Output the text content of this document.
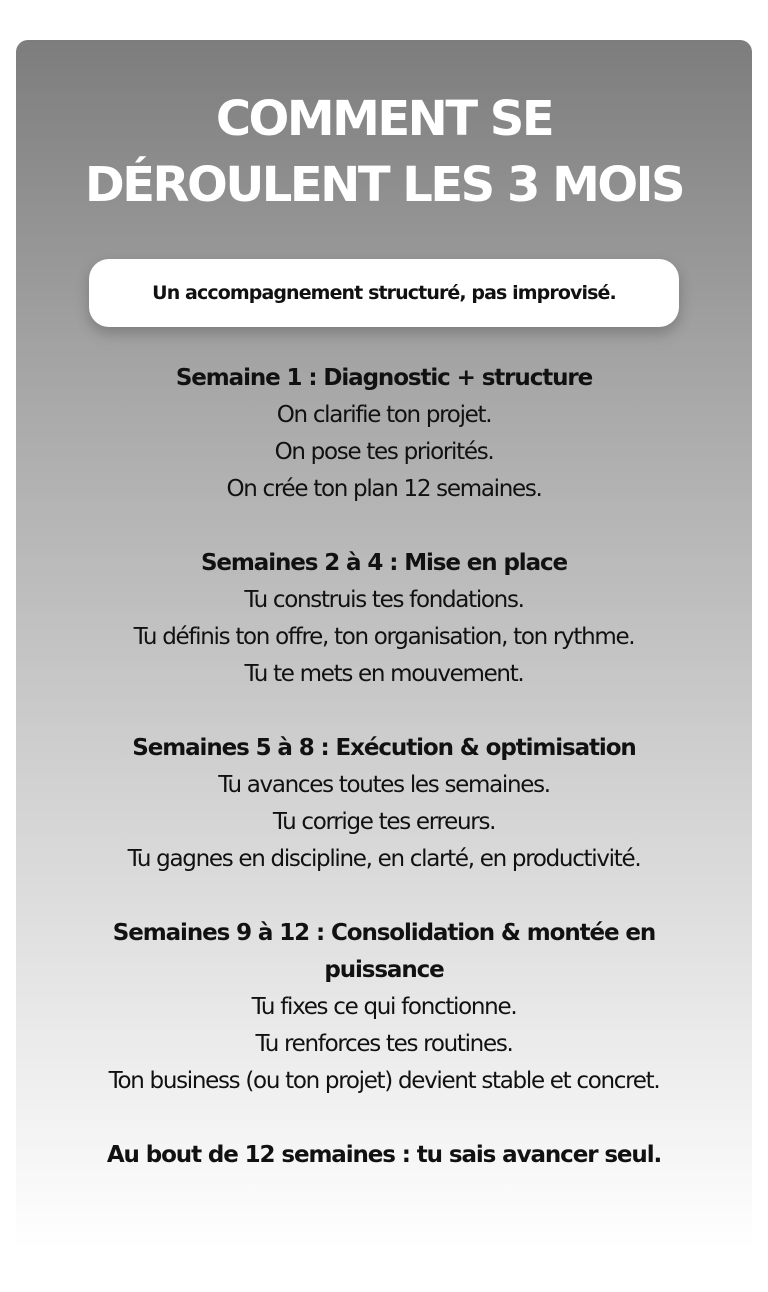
COMMENT SE
DÉROULENT LES 3 MOIS
Un accompagnement structuré, pas improvisé.
Semaine 1 : Diagnostic + structure
On clarifie ton projet.
On pose tes priorités.
On crée ton plan 12 semaines.
Semaines 2 à 4 : Mise en place
Tu construis tes fondations.
Tu définis ton offre, ton organisation, ton rythme.
Tu te mets en mouvement.
Semaines 5 à 8 : Exécution & optimisation
Tu avances toutes les semaines.
Tu corrige tes erreurs.
Tu gagnes en discipline, en clarté, en productivité.
Semaines 9 à 12 : Consolidation & montée en puissance
Tu fixes ce qui fonctionne.
Tu renforces tes routines.
Ton business (ou ton projet) devient stable et concret.
Au bout de 12 semaines : tu sais avancer seul.
